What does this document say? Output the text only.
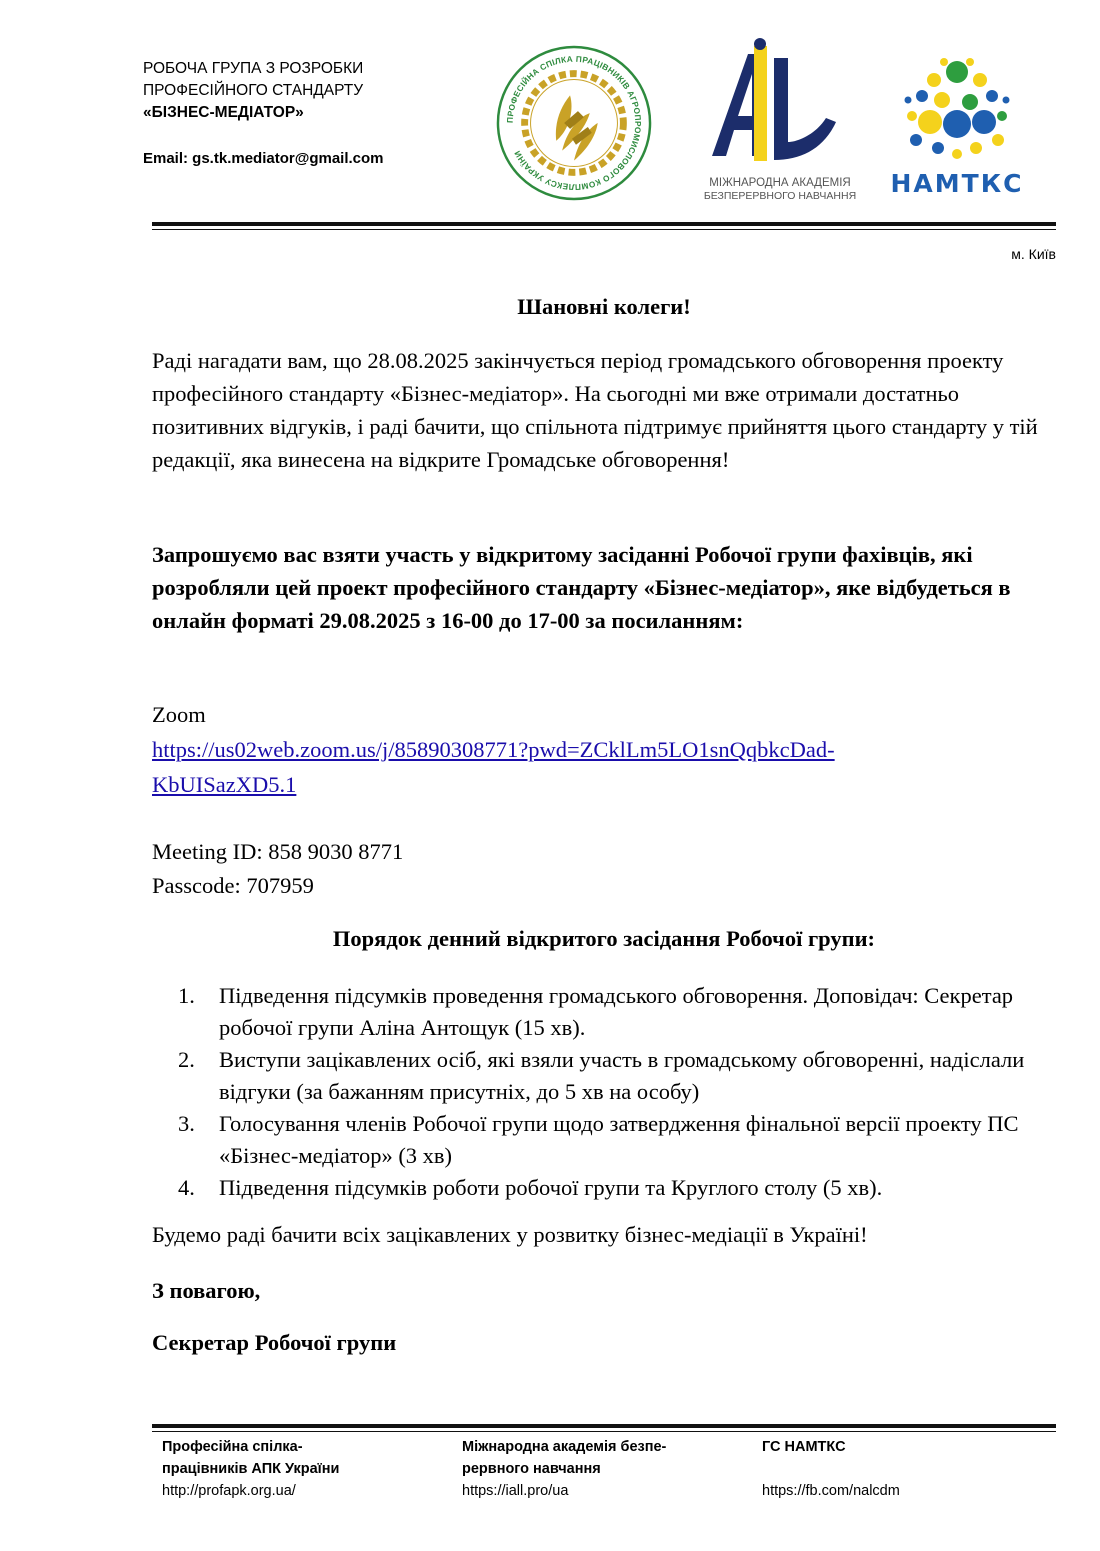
РОБОЧА ГРУПА З РОЗРОБКИ
ПРОФЕСІЙНОГО СТАНДАРТУ
«БІЗНЕС-МЕДІАТОР»
Email: gs.tk.mediator@gmail.com
ПРОФЕСІЙНА СПІЛКА ПРАЦІВНИКІВ АГРОПРОМИСЛОВОГО КОМПЛЕКСУ УКРАЇНИ
МІЖНАРОДНА АКАДЕМІЯ
БЕЗПЕРЕРВНОГО НАВЧАННЯ НАМТКС
м. Київ
Шановні колеги!
Раді нагадати вам, що 28.08.2025 закінчується період громадського обговорення проекту професійного стандарту «Бізнес-медіатор». На сьогодні ми вже отримали достатньо позитивних відгуків, і раді бачити, що спільнота підтримує прийняття цього стандарту у тій редакції, яка винесена на відкрите Громадське обговорення!
Запрошуємо вас взяти участь у відкритому засіданні Робочої групи фахівців, які розробляли цей проект професійного стандарту «Бізнес-медіатор», яке відбудеться в онлайн форматі 29.08.2025 з 16-00 до 17-00 за посиланням:
Zoom
https://us02web.zoom.us/j/85890308771?pwd=ZCklLm5LO1snQqbkcDad-
KbUISazXD5.1
Meeting ID: 858 9030 8771
Passcode: 707959
Порядок денний відкритого засідання Робочої групи:
1.	Підведення підсумків проведення громадського обговорення. Доповідач: Секретар робочої групи Аліна Антощук (15 хв).
2.	Виступи зацікавлених осіб, які взяли участь в громадському обговоренні, надіслали відгуки (за бажанням присутніх, до 5 хв на особу)
3.	Голосування членів Робочої групи щодо затвердження фінальної версії проекту ПС «Бізнес-медіатор» (3 хв)
4.	Підведення підсумків роботи робочої групи та Круглого столу (5 хв).
Будемо раді бачити всіх зацікавлених у розвитку бізнес-медіації в Україні!
З повагою,
Секретар Робочої групи
Професійна спілка-
працівників АПК України
http://profapk.org.ua/
Міжнародна академія безпе-
рервного навчання
https://iall.pro/ua
ГС НАМТКС
https://fb.com/nalcdm
